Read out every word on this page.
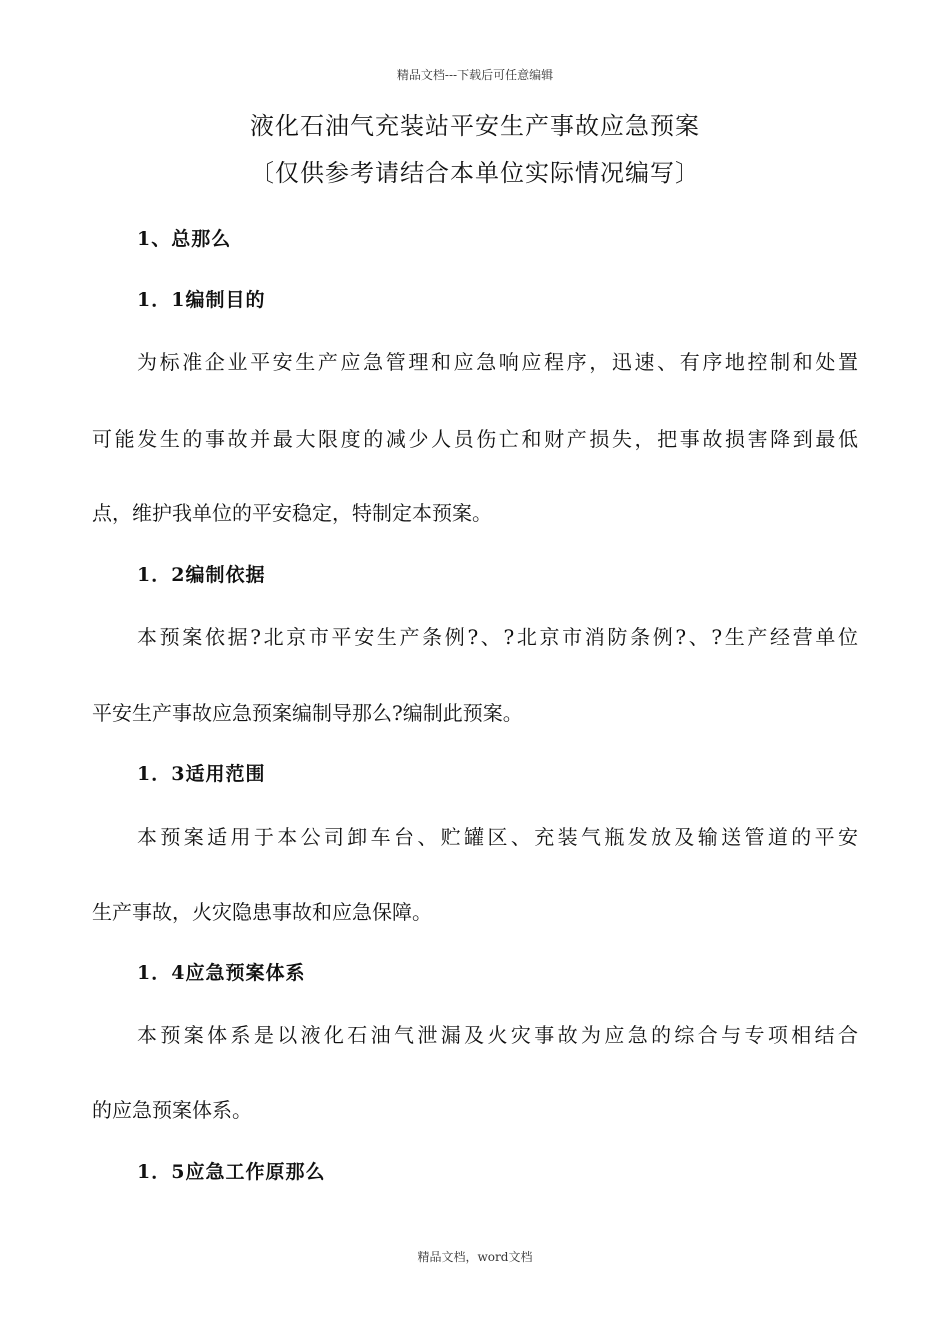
精品文档---下载后可任意编辑
液化石油气充装站平安生产事故应急预案
〔仅供参考请结合本单位实际情况编写〕
1、总那么
1．1编制目的
为标准企业平安生产应急管理和应急响应程序，迅速、有序地控制和处置
可能发生的事故并最大限度的减少人员伤亡和财产损失，把事故损害降到最低
点，维护我单位的平安稳定，特制定本预案。
1．2编制依据
本预案依据?北京市平安生产条例?、?北京市消防条例?、?生产经营单位
平安生产事故应急预案编制导那么?编制此预案。
1．3适用范围
本预案适用于本公司卸车台、贮罐区、充装气瓶发放及输送管道的平安
生产事故，火灾隐患事故和应急保障。
1．4应急预案体系
本预案体系是以液化石油气泄漏及火灾事故为应急的综合与专项相结合
的应急预案体系。
1．5应急工作原那么
精品文档，word文档
